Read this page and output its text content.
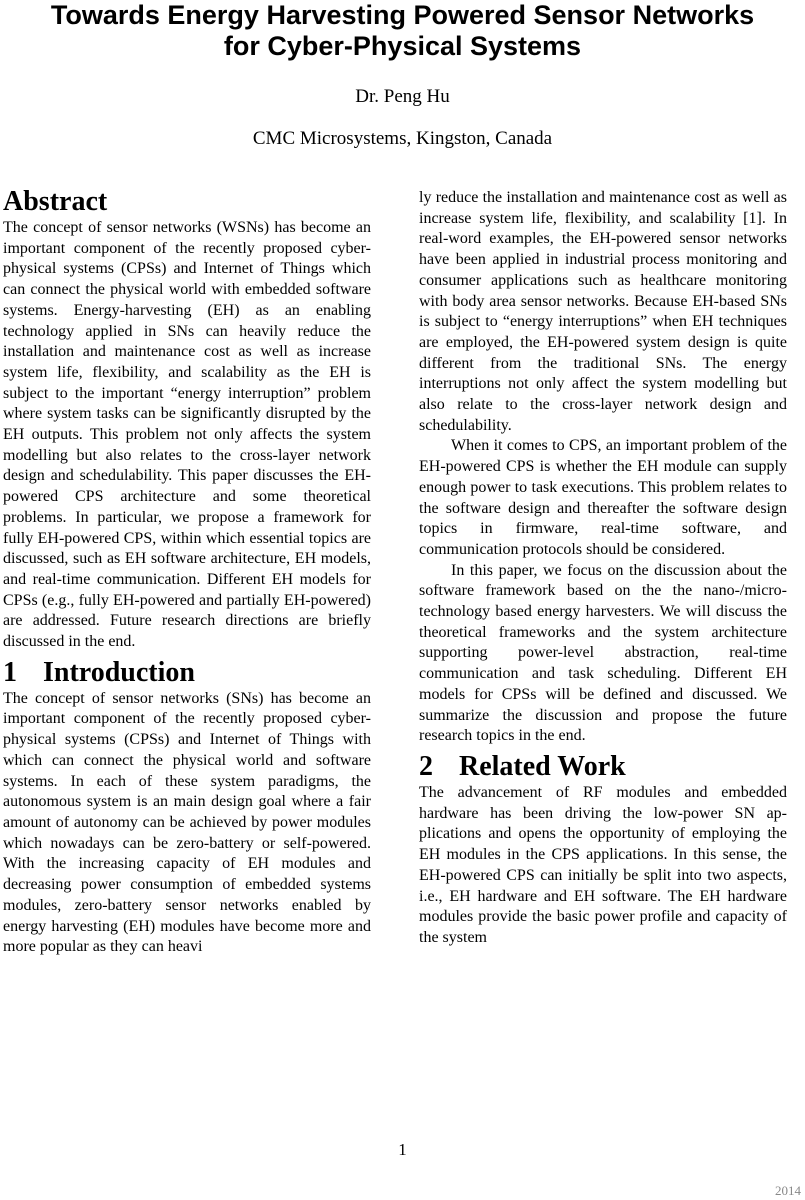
Towards Energy Harvesting Powered Sensor Networks
for Cyber-Physical Systems
Dr. Peng Hu
CMC Microsystems, Kingston, Canada
Abstract

The concept of sensor networks (WSNs) has become an important component of the recently proposed cyber-physical systems (CPSs) and Internet of Things which can connect the physical world with embedded software systems. Energy-harvesting (EH) as an enabling technology applied in SNs can heavily reduce the installation and maintenance cost as well as increase system life, flexibility, and scalability as the EH is subject to the important “energy interruption” problem where system tasks can be significantly disrupted by the EH outputs. This problem not only affects the system modelling but also relates to the cross-layer network design and schedulability. This paper discusses the EH-powered CPS architecture and some theoretical problems. In particular, we propose a framework for fully EH-powered CPS, within which essential topics are discussed, such as EH software architecture, EH models, and real-time communication. Different EH models for CPSs (e.g., fully EH-powered and partially EH-powered) are addressed. Future research directions are briefly discussed in the end.

1 Introduction

The concept of sensor networks (SNs) has become an important component of the recently proposed cyber-physical systems (CPSs) and Internet of Things with which can connect the physical world and software systems. In each of these system paradigms, the autonomous system is an main design goal where a fair amount of autonomy can be achieved by power modules which nowadays can be zero-battery or self-powered. With the increasing capacity of EH modules and decreasing power consumption of embedded systems modules, zero-battery sensor networks enabled by energy harvesting (EH) modules have become more and more popular as they can heavi

ly reduce the installation and maintenance cost as well as increase system life, flexibility, and scalability [1]. In real-word examples, the EH-powered sensor networks have been applied in industrial process monitoring and consumer applications such as healthcare monitoring with body area sensor networks. Because EH-based SNs is subject to “energy interruptions” when EH techniques are employed, the EH-powered system design is quite different from the traditional SNs. The energy interruptions not only affect the system modelling but also relate to the cross-layer network design and schedulability.

When it comes to CPS, an important problem of the EH-powered CPS is whether the EH module can supply enough power to task executions. This problem relates to the software design and thereafter the software design topics in firmware, real-time software, and communication protocols should be considered.

In this paper, we focus on the discussion about the software framework based on the the nano-/micro-technology based energy harvesters. We will discuss the theoretical frameworks and the system architecture supporting power-level abstraction, real-time communication and task scheduling. Different EH models for CPSs will be defined and discussed. We summarize the discussion and propose the future research topics in the end.

2 Related Work

The advancement of RF modules and embedded hardware has been driving the low-power SN applications and opens the opportunity of employing the EH modules in the CPS applications. In this sense, the EH-powered CPS can initially be split into two aspects, i.e., EH hardware and EH software. The EH hardware modules provide the basic power profile and capacity of the system

1
2014
